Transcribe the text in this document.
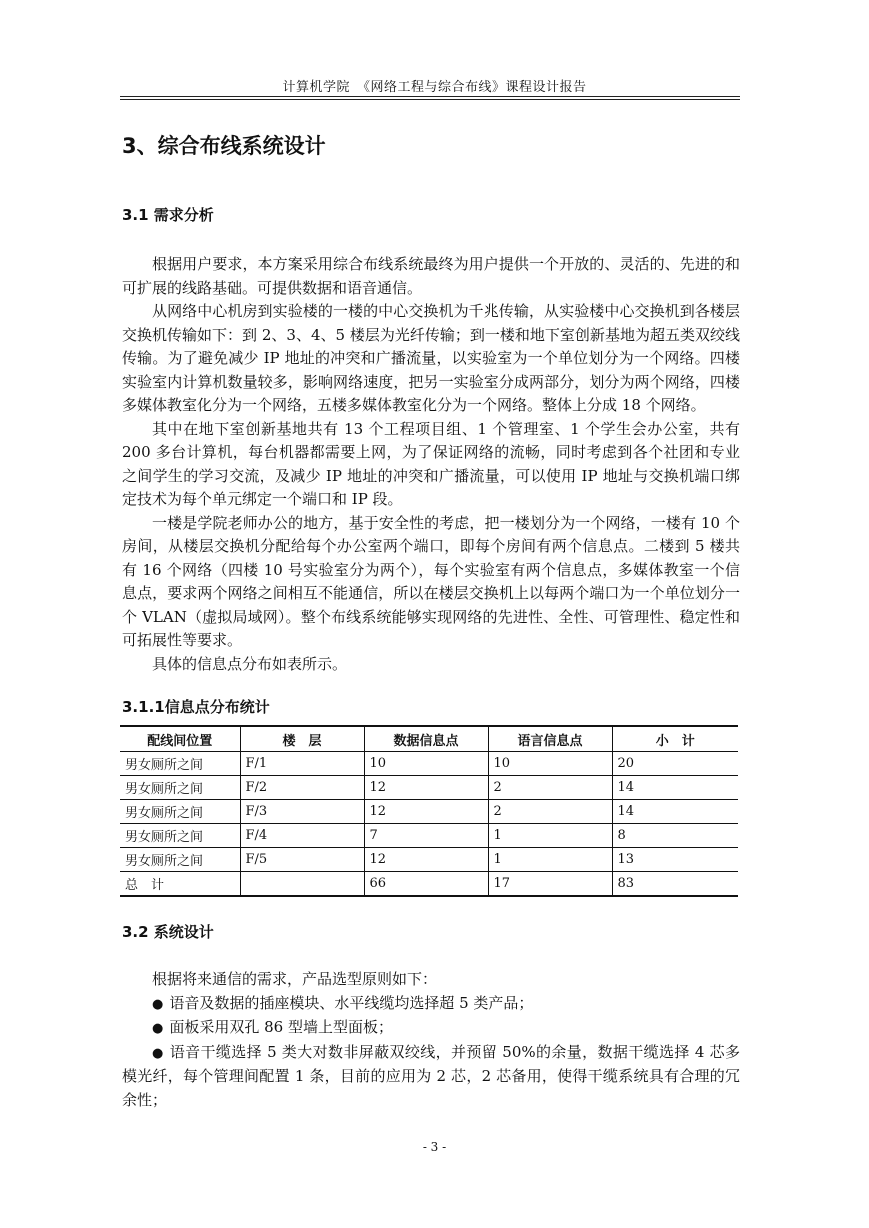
计算机学院　《网络工程与综合布线》课程设计报告
3、综合布线系统设计
3.1 需求分析

根据用户要求，本方案采用综合布线系统最终为用户提供一个开放的、灵活的、先进的和可扩展的线路基础。可提供数据和语音通信。

从网络中心机房到实验楼的一楼的中心交换机为千兆传输，从实验楼中心交换机到各楼层交换机传输如下：到 2、3、4、5 楼层为光纤传输；到一楼和地下室创新基地为超五类双绞线传输。为了避免减少 IP 地址的冲突和广播流量，以实验室为一个单位划分为一个网络。四楼实验室内计算机数量较多，影响网络速度，把另一实验室分成两部分，划分为两个网络，四楼多媒体教室化分为一个网络，五楼多媒体教室化分为一个网络。整体上分成 18 个网络。

其中在地下室创新基地共有 13 个工程项目组、1 个管理室、1 个学生会办公室，共有 200 多台计算机，每台机器都需要上网，为了保证网络的流畅，同时考虑到各个社团和专业之间学生的学习交流，及减少 IP 地址的冲突和广播流量，可以使用 IP 地址与交换机端口绑定技术为每个单元绑定一个端口和 IP 段。

一楼是学院老师办公的地方，基于安全性的考虑，把一楼划分为一个网络，一楼有 10 个房间，从楼层交换机分配给每个办公室两个端口，即每个房间有两个信息点。二楼到 5 楼共有 16 个网络（四楼 10 号实验室分为两个），每个实验室有两个信息点，多媒体教室一个信息点，要求两个网络之间相互不能通信，所以在楼层交换机上以每两个端口为一个单位划分一个 VLAN（虚拟局域网）。整个布线系统能够实现网络的先进性、全性、可管理性、稳定性和可拓展性等要求。

具体的信息点分布如表所示。

3.1.1信息点分布统计
配线间位置	楼　层	数据信息点	语言信息点	小　计
男女厕所之间	F/1	10	10	20
男女厕所之间	F/2	12	2	14
男女厕所之间	F/3	12	2	14
男女厕所之间	F/4	7	1	8
男女厕所之间	F/5	12	1	13
总　计		66	17	83
3.2 系统设计

根据将来通信的需求，产品选型原则如下：

● 语音及数据的插座模块、水平线缆均选择超 5 类产品；

● 面板采用双孔 86 型墙上型面板；

● 语音干缆选择 5 类大对数非屏蔽双绞线，并预留 50%的余量，数据干缆选择 4 芯多模光纤，每个管理间配置 1 条，目前的应用为 2 芯，2 芯备用，使得干缆系统具有合理的冗余性；

- 3 -
